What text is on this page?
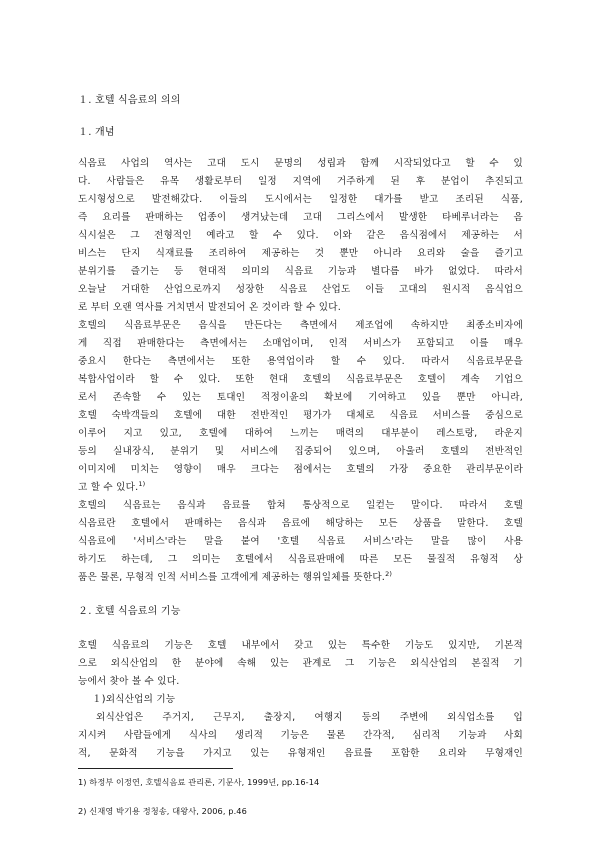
１. 호텔 식음료의 의의
１. 개념
식음료 사업의 역사는 고대 도시 문명의 성립과 함께 시작되었다고 할 수 있
다. 사람들은 유목 생활로부터 일정 지역에 거주하게 된 후 분업이 추진되고
도시형성으로 발전해갔다. 이들의 도시에서는 일정한 대가를 받고 조리된 식품,
즉 요리를 판매하는 업종이 생겨났는데 고대 그리스에서 발생한 타베루너라는 음
식시설은 그 전형적인 예라고 할 수 있다. 이와 같은 음식점에서 제공하는 서
비스는 단지 식재료를 조리하여 제공하는 것 뿐만 아니라 요리와 술을 즐기고
분위기를 즐기는 등 현대적 의미의 식음료 기능과 별다름 바가 없었다. 따라서
오늘날 거대한 산업으로까지 성장한 식음료 산업도 이들 고대의 원시적 음식업으
로 부터 오랜 역사를 거치면서 발전되어 온 것이라 할 수 있다.
호텔의 식음료부문은 음식을 만든다는 측면에서 제조업에 속하지만 최종소비자에
게 직접 판매한다는 측면에서는 소매업이며, 인적 서비스가 포함되고 이를 매우
중요시 한다는 측면에서는 또한 용역업이라 할 수 있다. 따라서 식음료부문을
복합사업이라 할 수 있다. 또한 현대 호텔의 식음료부문은 호텔이 계속 기업으
로서 존속할 수 있는 토대인 적정이윤의 확보에 기여하고 있을 뿐만 아니라,
호텔 숙박객들의 호텔에 대한 전반적인 평가가 대체로 식음료 서비스를 중심으로
이루어 지고 있고, 호텔에 대하여 느끼는 매력의 대부분이 레스토랑, 라운지
등의 실내장식, 분위기 및 서비스에 집중되어 있으며, 아울러 호텔의 전반적인
이미지에 미치는 영향이 매우 크다는 점에서는 호텔의 가장 중요한 관리부문이라
고 할 수 있다.$^{1)}$
호텔의 식음료는 음식과 음료를 합쳐 통상적으로 일컫는 말이다. 따라서 호텔
식음료란 호텔에서 판매하는 음식과 음료에 해당하는 모든 상품을 말한다. 호텔
식음료에 '서비스'라는 말을 붙여 '호텔 식음료 서비스'라는 말을 많이 사용
하기도 하는데, 그 의미는 호텔에서 식음료판매에 따른 모든 물질적 유형적 상
품은 물론, 무형적 인적 서비스를 고객에게 제공하는 행위일체를 뜻한다.$^{2)}$
２. 호텔 식음료의 기능
호텔 식음료의 기능은 호텔 내부에서 갖고 있는 특수한 기능도 있지만, 기본적
으로 외식산업의 한 분야에 속해 있는 관계로 그 기능은 외식산업의 본질적 기
능에서 찾아 볼 수 있다.
１)외식산업의 기능
외식산업은 주거지, 근무지, 출장지, 여행지 등의 주변에 외식업소를 입
지시켜 사람들에게 식사의 생리적 기능은 물론 간각적, 심리적 기능과 사회
적, 문화적 기능을 가지고 있는 유형재인 음료를 포함한 요리와 무형재인
1) 하정부 이정연, 호텔식음료 관리론, 기문사, 1999년, pp.16-14
2) 신재영 박기용 정청송, 대왕사, 2006, p.46
